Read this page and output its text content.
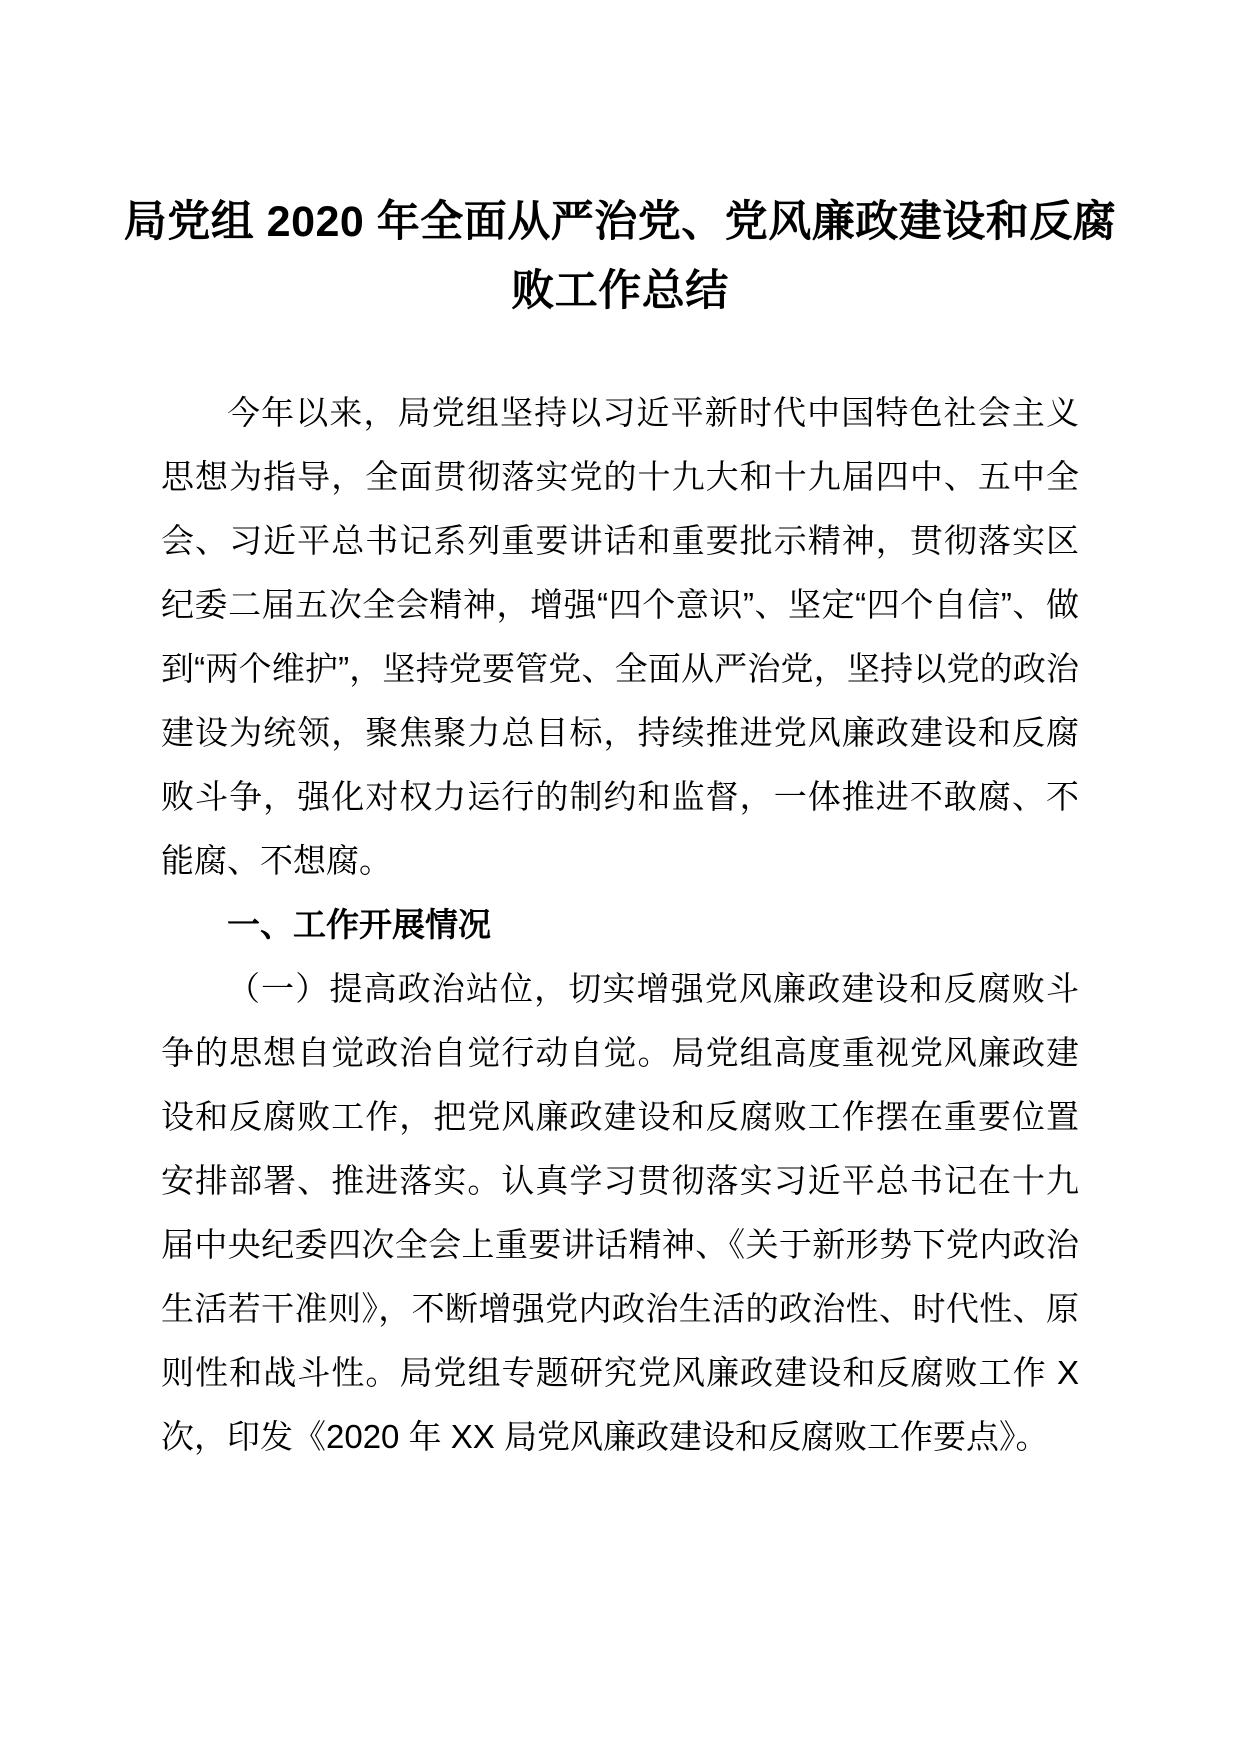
局党组 2020 年全面从严治党、党风廉政建设和反腐败工作总结

今年以来，局党组坚持以习近平新时代中国特色社会主义思想为指导，全面贯彻落实党的十九大和十九届四中、五中全会、习近平总书记系列重要讲话和重要批示精神，贯彻落实区纪委二届五次全会精神，增强“四个意识”、坚定“四个自信”、做到“两个维护”，坚持党要管党、全面从严治党，坚持以党的政治建设为统领，聚焦聚力总目标，持续推进党风廉政建设和反腐败斗争，强化对权力运行的制约和监督，一体推进不敢腐、不能腐、不想腐。

一、工作开展情况

（一）提高政治站位，切实增强党风廉政建设和反腐败斗争的思想自觉政治自觉行动自觉。局党组高度重视党风廉政建设和反腐败工作，把党风廉政建设和反腐败工作摆在重要位置安排部署、推进落实。认真学习贯彻落实习近平总书记在十九届中央纪委四次全会上重要讲话精神、《关于新形势下党内政治生活若干准则》，不断增强党内政治生活的政治性、时代性、原则性和战斗性。局党组专题研究党风廉政建设和反腐败工作 X 次，印发《2020 年 XX 局党风廉政建设和反腐败工作要点》。
